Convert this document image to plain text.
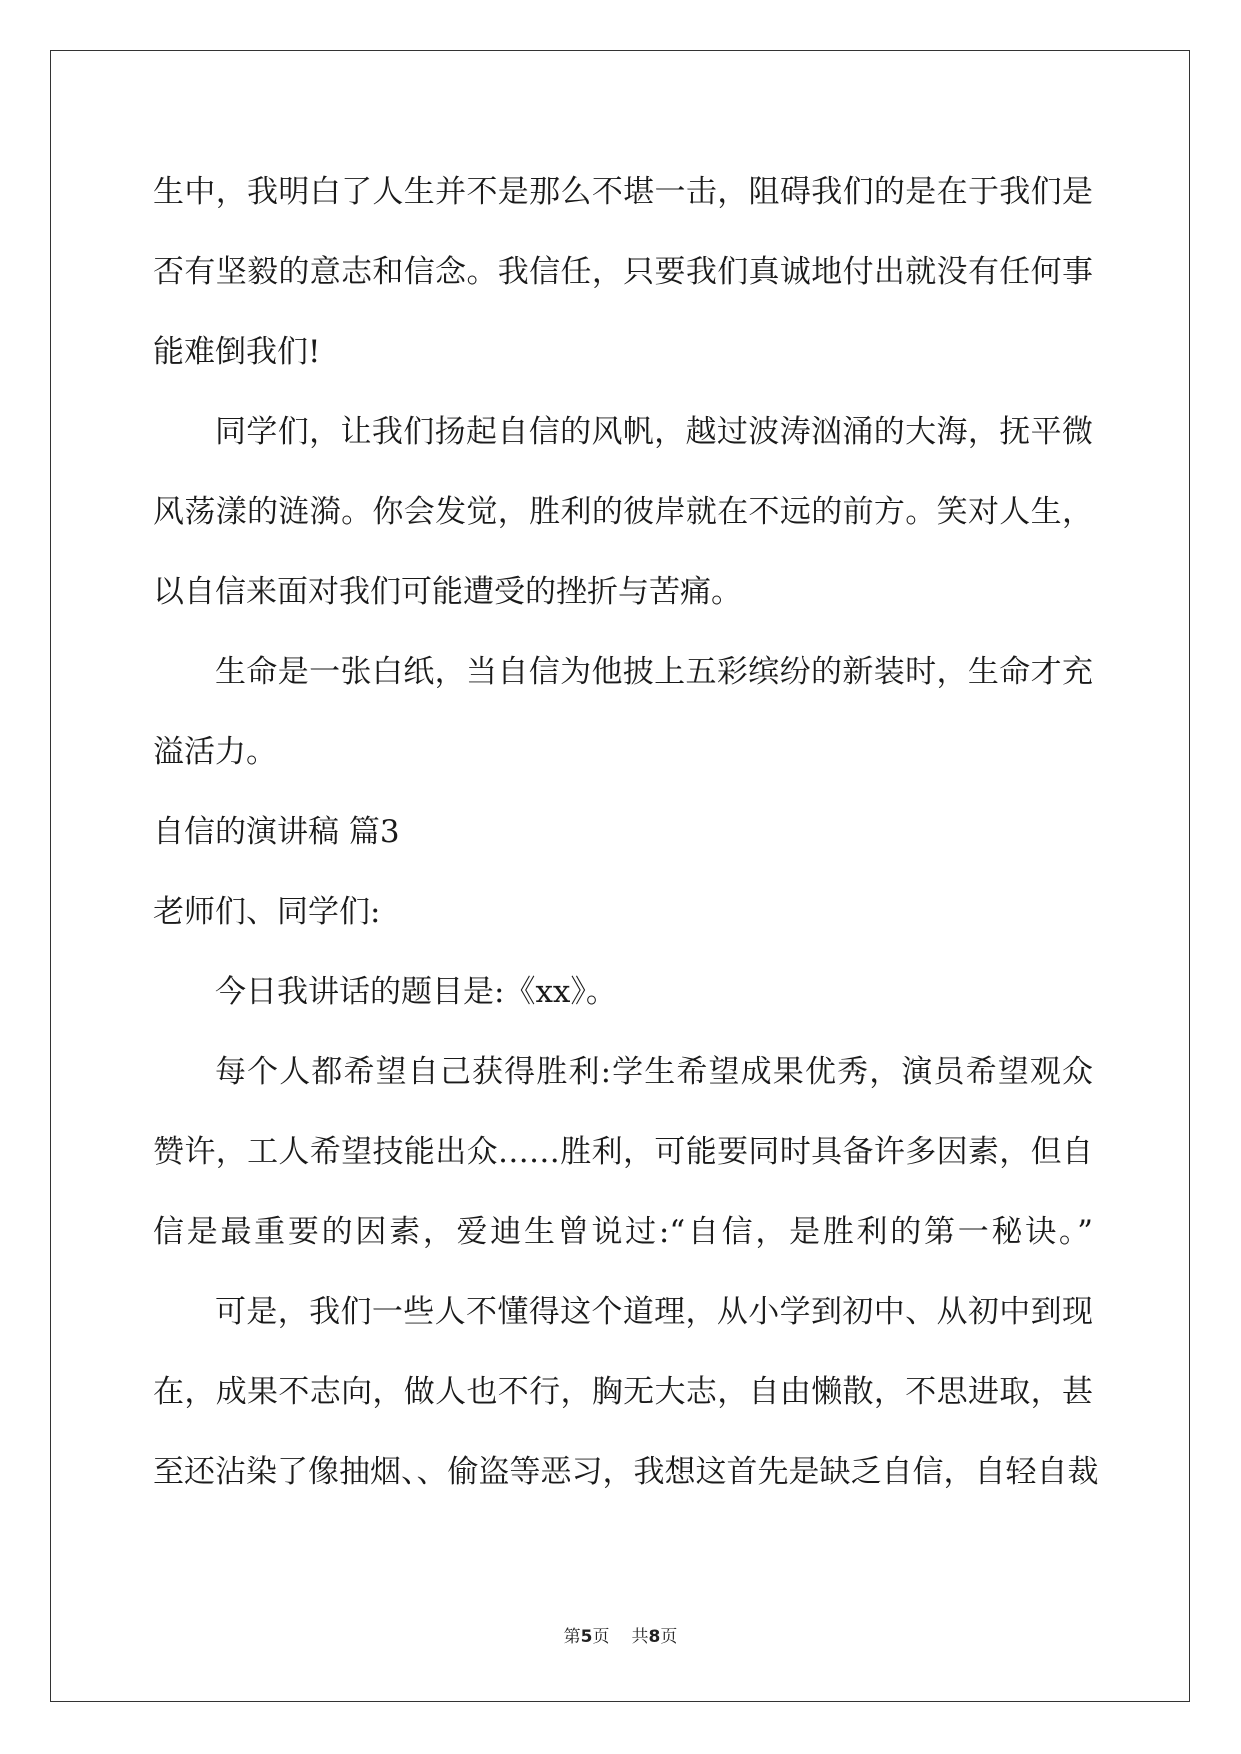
生中，我明白了人生并不是那么不堪一击，阻碍我们的是在于我们是
否有坚毅的意志和信念。我信任，只要我们真诚地付出就没有任何事
能难倒我们!
同学们，让我们扬起自信的风帆，越过波涛汹涌的大海，抚平微
风荡漾的涟漪。你会发觉，胜利的彼岸就在不远的前方。笑对人生，
以自信来面对我们可能遭受的挫折与苦痛。
生命是一张白纸，当自信为他披上五彩缤纷的新装时，生命才充
溢活力。
自信的演讲稿 篇3
老师们、同学们:
今日我讲话的题目是:《xx》。
每个人都希望自己获得胜利:学生希望成果优秀，演员希望观众
赞许，工人希望技能出众……胜利，可能要同时具备许多因素，但自
信是最重要的因素，爱迪生曾说过:“自信，是胜利的第一秘诀。”
可是，我们一些人不懂得这个道理，从小学到初中、从初中到现
在，成果不志向，做人也不行，胸无大志，自由懒散，不思进取，甚
至还沾染了像抽烟、、偷盗等恶习，我想这首先是缺乏自信，自轻自裁
第5页 共8页
